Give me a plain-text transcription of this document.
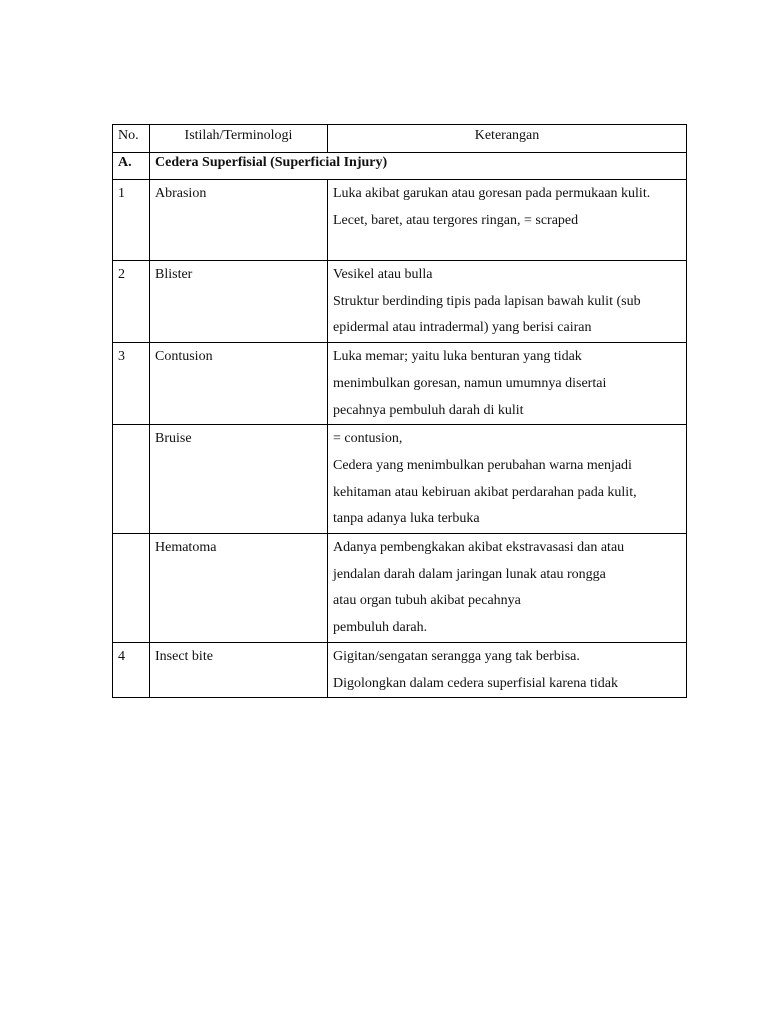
No.	Istilah/Terminologi	Keterangan
A.	Cedera Superfisial (Superficial Injury)	
1	Abrasion	Luka akibat garukan atau goresan pada permukaan kulit.
Lecet, baret, atau tergores ringan, = scraped

2	Blister	Vesikel atau bulla
Struktur berdinding tipis pada lapisan bawah kulit (sub
epidermal atau intradermal) yang berisi cairan

3	Contusion	Luka memar; yaitu luka benturan yang tidak
menimbulkan goresan, namun umumnya disertai
pecahnya pembuluh darah di kulit

	Bruise	= contusion,
Cedera yang menimbulkan perubahan warna menjadi
kehitaman atau kebiruan akibat perdarahan pada kulit,
tanpa adanya luka terbuka

	Hematoma	Adanya pembengkakan akibat ekstravasasi dan atau
jendalan darah dalam jaringan lunak atau rongga
atau organ tubuh akibat pecahnya
pembuluh darah.

4	Insect bite	Gigitan/sengatan serangga yang tak berbisa.
Digolongkan dalam cedera superfisial karena tidak
